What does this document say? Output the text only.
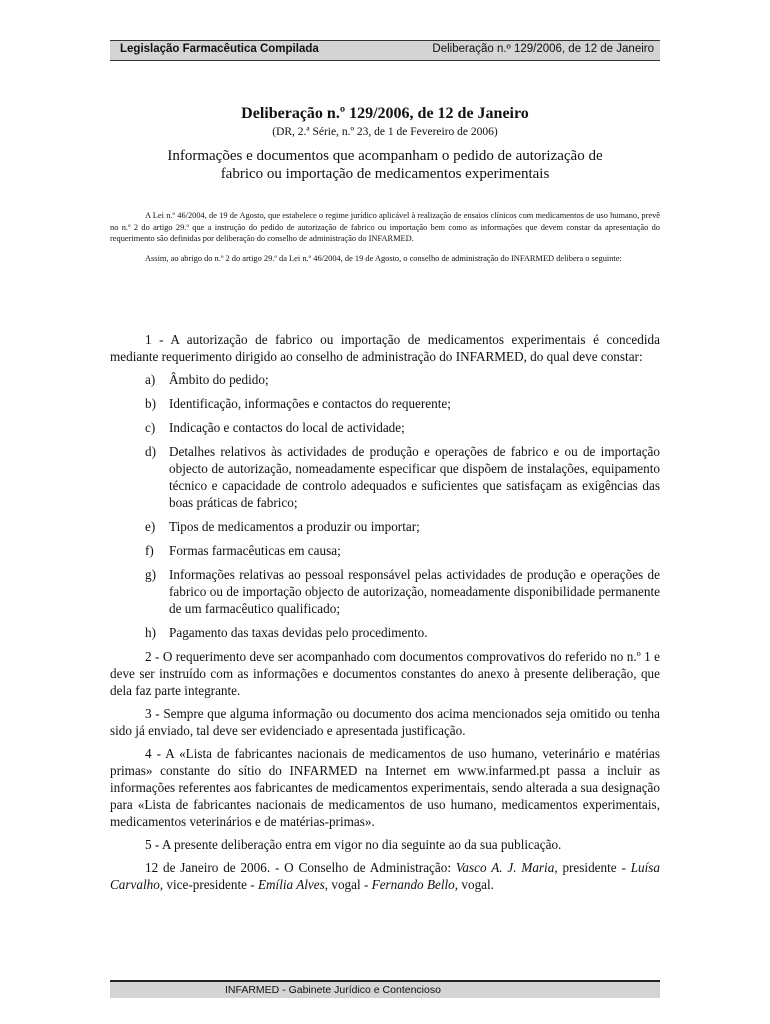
Legislação Farmacêutica Compilada	Deliberação n.º 129/2006, de 12 de Janeiro

Deliberação n.º 129/2006, de 12 de Janeiro

(DR, 2.ª Série, n.º 23, de 1 de Fevereiro de 2006)

Informações e documentos que acompanham o pedido de autorização de
fabrico ou importação de medicamentos experimentais

A Lei n.º 46/2004, de 19 de Agosto, que estabelece o regime jurídico aplicável à realização de ensaios clínicos com medicamentos de uso humano, prevê no n.º 2 do artigo 29.º que a instrução do pedido de autorização de fabrico ou importação bem como as informações que devem constar da apresentação do requerimento são definidas por deliberação do conselho de administração do INFARMED.

Assim, ao abrigo do n.º 2 do artigo 29.º da Lei n.º 46/2004, de 19 de Agosto, o conselho de administração do INFARMED delibera o seguinte:

1 - A autorização de fabrico ou importação de medicamentos experimentais é concedida mediante requerimento dirigido ao conselho de administração do INFARMED, do qual deve constar:

a) Âmbito do pedido;
b) Identificação, informações e contactos do requerente;
c) Indicação e contactos do local de actividade;
d) Detalhes relativos às actividades de produção e operações de fabrico e ou de importação objecto de autorização, nomeadamente especificar que dispõem de instalações, equipamento técnico e capacidade de controlo adequados e suficientes que satisfaçam as exigências das boas práticas de fabrico;
e) Tipos de medicamentos a produzir ou importar;
f) Formas farmacêuticas em causa;
g) Informações relativas ao pessoal responsável pelas actividades de produção e operações de fabrico ou de importação objecto de autorização, nomeadamente disponibilidade permanente de um farmacêutico qualificado;
h) Pagamento das taxas devidas pelo procedimento.

2 - O requerimento deve ser acompanhado com documentos comprovativos do referido no n.º 1 e deve ser instruído com as informações e documentos constantes do anexo à presente deliberação, que dela faz parte integrante.

3 - Sempre que alguma informação ou documento dos acima mencionados seja omitido ou tenha sido já enviado, tal deve ser evidenciado e apresentada justificação.

4 - A «Lista de fabricantes nacionais de medicamentos de uso humano, veterinário e matérias primas» constante do sítio do INFARMED na Internet em www.infarmed.pt passa a incluir as informações referentes aos fabricantes de medicamentos experimentais, sendo alterada a sua designação para «Lista de fabricantes nacionais de medicamentos de uso humano, medicamentos experimentais, medicamentos veterinários e de matérias-primas».

5 - A presente deliberação entra em vigor no dia seguinte ao da sua publicação.

12 de Janeiro de 2006. - O Conselho de Administração: Vasco A. J. Maria, presidente - Luísa Carvalho, vice-presidente - Emília Alves, vogal - Fernando Bello, vogal.

INFARMED - Gabinete Jurídico e Contencioso
